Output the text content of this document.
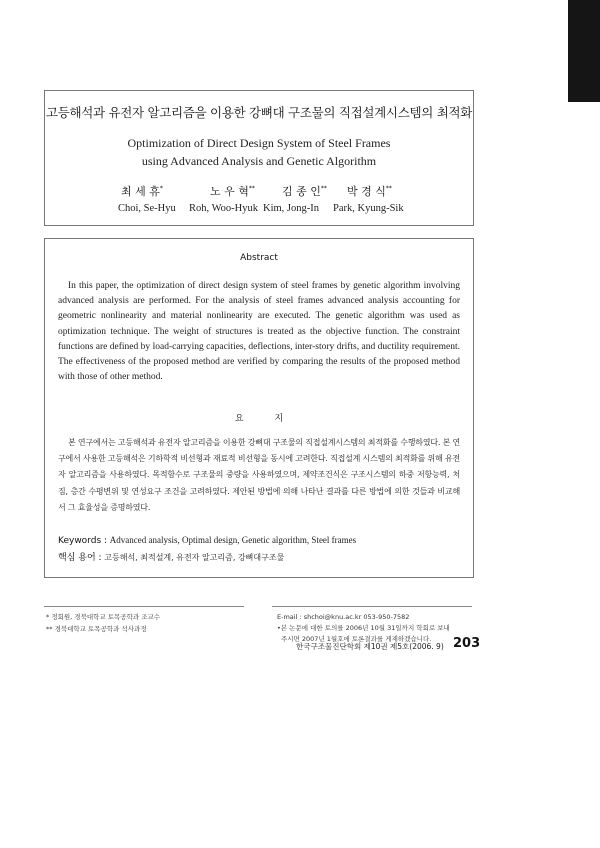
고등해석과 유전자 알고리즘을 이용한 강뼈대 구조물의 직접설계시스템의 최적화
Optimization of Direct Design System of Steel Frames
using Advanced Analysis and Genetic Algorithm
최 세 휴*	노 우 혁** 김 종 인** 박 경 식**
Choi, Se-Hyu Roh, Woo-Hyuk Kim, Jong-In Park, Kyung-Sik
Abstract
In this paper, the optimization of direct design system of steel frames by genetic algorithm involving advanced analysis are performed. For the analysis of steel frames advanced analysis accounting for geometric nonlinearity and material nonlinearity are executed. The genetic algorithm was used as optimization technique. The weight of structures is treated as the objective function. The constraint functions are defined by load-carrying capacities, deflections, inter-story drifts, and ductility requirement. The effectiveness of the proposed method are verified by comparing the results of the proposed method with those of other method.
요 지
본 연구에서는 고등해석과 유전자 알고리즘을 이용한 강뼈대 구조물의 직접설계시스템의 최적화를 수행하였다. 본 연구에서 사용한 고등해석은 기하학적 비선형과 재료적 비선형을 동시에 고려한다. 직접설계 시스템의 최적화를 위해 유전자 알고리즘을 사용하였다. 목적함수로 구조물의 중량을 사용하였으며, 제약조건식은 구조시스템의 하중 저항능력, 처짐, 층간 수평변위 및 연성요구 조건을 고려하였다. 제안된 방법에 의해 나타난 결과를 다른 방법에 의한 것들과 비교해서 그 효율성을 증명하였다.
Keywords : Advanced analysis, Optimal design, Genetic algorithm, Steel frames
핵심 용어 : 고등해석, 최적설계, 유전자 알고리즘, 강뼈대구조물
* 정회원, 경북대학교 토목공학과 조교수
** 경북대학교 토목공학과 석사과정
E-mail : shchoi@knu.ac.kr 053-950-7582
•본 논문에 대한 토의를 2006년 10월 31일까지 학회로 보내
주시면 2007년 1월호에 토론결과를 게재하겠습니다.
한국구조물진단학회 제10권 제5호(2006. 9) 203
